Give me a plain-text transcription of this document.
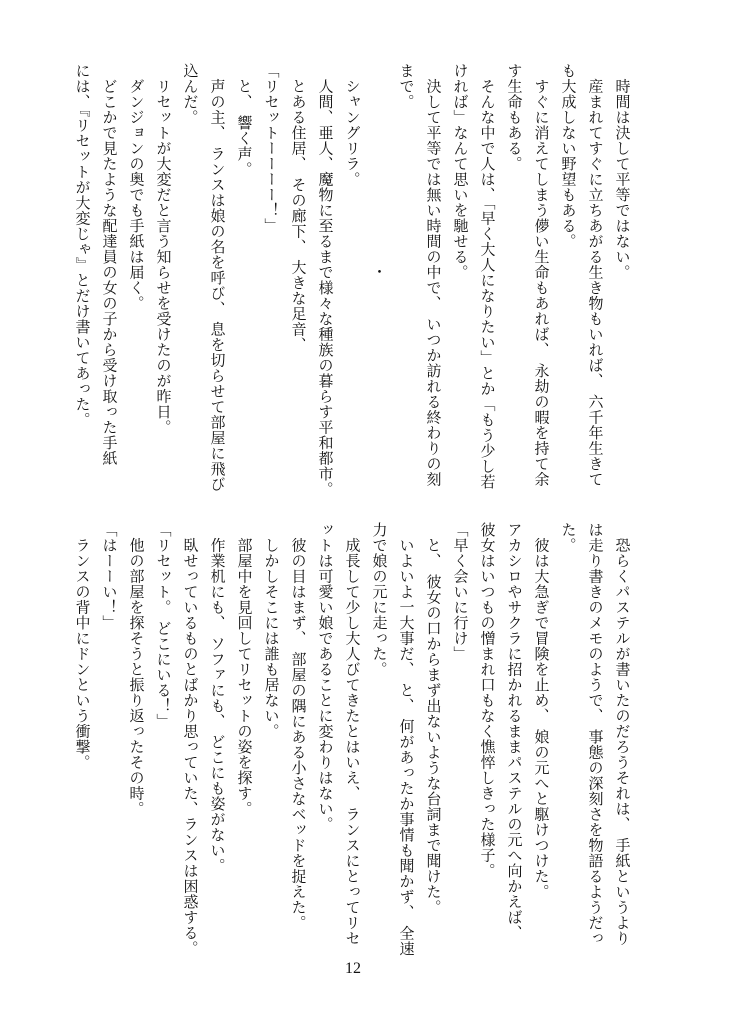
　時間は決して平等ではない。
　産まれてすぐに立ちあがる生き物もいれば、 六千年生きて
も大成しない野望もある。
　すぐに消えてしまう儚い生命もあれば、 永劫の暇を持て余
す生命もある。
　そんな中で人は、「早く大人になりたい」とか「もう少し若
ければ」なんて思いを馳せる。
　決して平等では無い時間の中で、 いつか訪れる終わりの刻
まで。
　シャングリラ。
　人間、亜人、魔物に至るまで様々な種族の暮らす平和都市。
　とある住居、 その廊下、 大きな足音、
「リセットーーーー！」
　と、 響く声。
　声の主、 ランスは娘の名を呼び、 息を切らせて部屋に飛び
込んだ。
　リセットが大変だと言う知らせを受けたのが昨日。
　ダンジョンの奥でも手紙は届く。
　どこかで見たような配達員の女の子から受け取った手紙
には、『リセットが大変じゃ』とだけ書いてあった。	・
　恐らくパステルが書いたのだろうそれは、 手紙というより
は走り書きのメモのようで、 事態の深刻さを物語るようだっ
た。
　彼は大急ぎで冒険を止め、 娘の元へと駆けつけた。
アカシロやサクラに招かれるままパステルの元へ向かえば、
彼女はいつもの憎まれ口もなく憔悴しきった様子。
「早く会いに行け」
　と、 彼女の口からまず出ないような台詞まで聞けた。
　いよいよ一大事だ、 と、 何があったか事情も聞かず、 全速
力で娘の元に走った。
　成長して少し大人びてきたとはいえ、 ランスにとってリセ
ットは可愛い娘であることに変わりはない。
　彼の目はまず、 部屋の隅にある小さなベッドを捉えた。
　しかしそこには誰も居ない。
　部屋中を見回してリセットの姿を探す。
　作業机にも、 ソファにも、 どこにも姿がない。
　臥せっているものとばかり思っていた、ランスは困惑する。
「リセット。 どこにいる！」
　他の部屋を探そうと振り返ったその時。
「はーーい！」
　ランスの背中にドンという衝撃。
12
